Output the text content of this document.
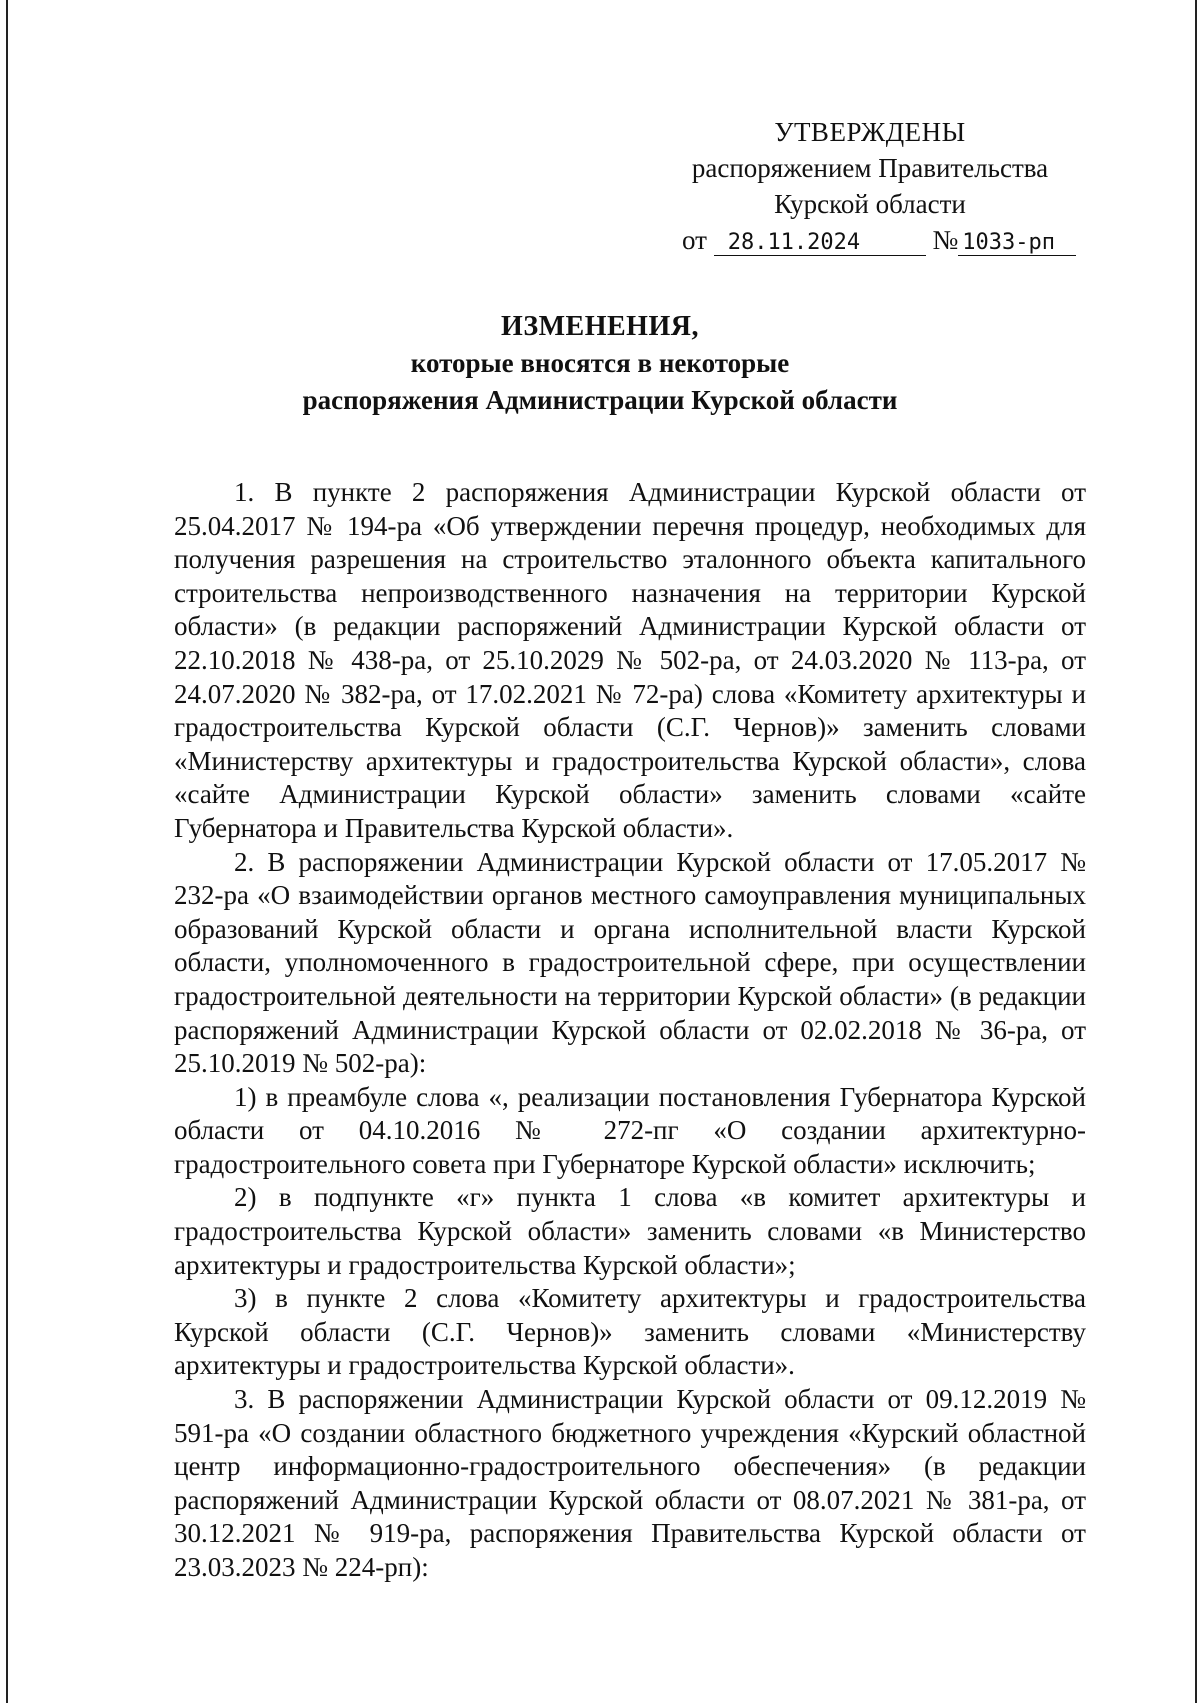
УТВЕРЖДЕНЫ
распоряжением Правительства
Курской области
от 28.11.2024	№ 1033-рп
ИЗМЕНЕНИЯ,
которые вносятся в некоторые
распоряжения Администрации Курской области

1. В пункте 2 распоряжения Администрации Курской области от 25.04.2017 № 194-ра «Об утверждении перечня процедур, необходимых для получения разрешения на строительство эталонного объекта капитального строительства непроизводственного назначения на территории Курской области» (в редакции распоряжений Администрации Курской области от 22.10.2018 № 438-ра, от 25.10.2029 № 502-ра, от 24.03.2020 № 113-ра, от 24.07.2020 № 382-ра, от 17.02.2021 № 72-ра) слова «Комитету архитектуры и градостроительства Курской области (С.Г. Чернов)» заменить словами «Министерству архитектуры и градостроительства Курской области», слова «сайте Администрации Курской области» заменить словами «сайте Губернатора и Правительства Курской области».

2. В распоряжении Администрации Курской области от 17.05.2017 № 232-ра «О взаимодействии органов местного самоуправления муниципальных образований Курской области и органа исполнительной власти Курской области, уполномоченного в градостроительной сфере, при осуществлении градостроительной деятельности на территории Курской области» (в редакции распоряжений Администрации Курской области от 02.02.2018 № 36-ра, от 25.10.2019 № 502-ра):

1) в преамбуле слова «, реализации постановления Губернатора Курской области от 04.10.2016 № 272-пг «О создании архитектурно-градостроительного совета при Губернаторе Курской области» исключить;

2) в подпункте «г» пункта 1 слова «в комитет архитектуры и градостроительства Курской области» заменить словами «в Министерство архитектуры и градостроительства Курской области»;

3) в пункте 2 слова «Комитету архитектуры и градостроительства Курской области (С.Г. Чернов)» заменить словами «Министерству архитектуры и градостроительства Курской области».

3. В распоряжении Администрации Курской области от 09.12.2019 № 591-ра «О создании областного бюджетного учреждения «Курский областной центр информационно-градостроительного обеспечения» (в редакции распоряжений Администрации Курской области от 08.07.2021 № 381-ра, от 30.12.2021 № 919-ра, распоряжения Правительства Курской области от 23.03.2023 № 224-рп):
